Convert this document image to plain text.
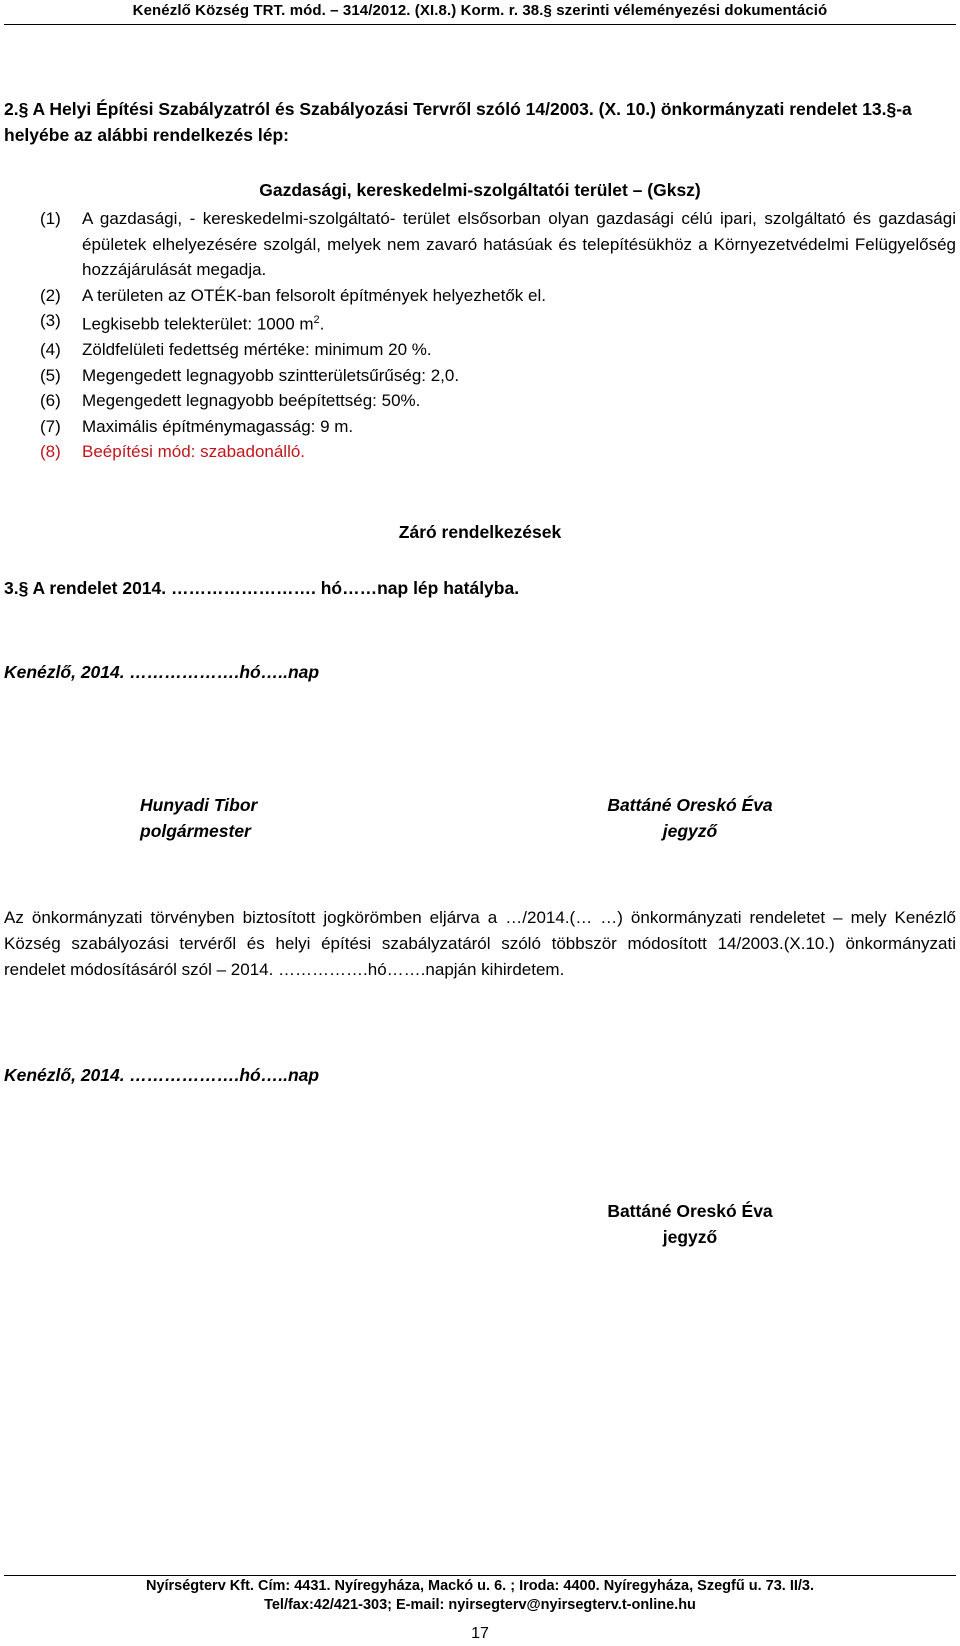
Kenézlő Község TRT. mód. – 314/2012. (XI.8.) Korm. r. 38.§ szerinti véleményezési dokumentáció
2.§ A Helyi Építési Szabályzatról és Szabályozási Tervről szóló 14/2003. (X. 10.) önkormányzati rendelet 13.§-a helyébe az alábbi rendelkezés lép:
Gazdasági, kereskedelmi-szolgáltatói terület – (Gksz)
(1)	A gazdasági, - kereskedelmi-szolgáltató- terület elsősorban olyan gazdasági célú ipari, szolgáltató és gazdasági épületek elhelyezésére szolgál, melyek nem zavaró hatásúak és telepítésükhöz a Környezetvédelmi Felügyelőség hozzájárulását megadja.
(2)	A területen az OTÉK-ban felsorolt építmények helyezhetők el.
(3)	Legkisebb telekterület: 1000 $m^2$.
(4)	Zöldfelületi fedettség mértéke: minimum 20 %.
(5)	Megengedett legnagyobb szintterületsűrűség: 2,0.
(6)	Megengedett legnagyobb beépítettség: 50%.
(7)	Maximális építménymagasság: 9 m.
(8)	Beépítési mód: szabadonálló.
Záró rendelkezések
3.§ A rendelet 2014. ……………………. hó……nap lép hatályba.
Kenézlő, 2014. ……………….hó…..nap
Hunyadi Tibor
polgármester
Battáné Oreskó Éva
jegyző
Az önkormányzati törvényben biztosított jogkörömben eljárva a …/2014.(… …) önkormányzati rendeletet – mely Kenézlő Község szabályozási tervéről és helyi építési szabályzatáról szóló többször módosított 14/2003.(X.10.) önkormányzati rendelet módosításáról szól – 2014. …………….hó…….napján kihirdetem.
Kenézlő, 2014. ……………….hó…..nap
Battáné Oreskó Éva
jegyző
Nyírségterv Kft. Cím: 4431. Nyíregyháza, Mackó u. 6. ; Iroda: 4400. Nyíregyháza, Szegfű u. 73. II/3.
Tel/fax:42/421-303; E-mail: nyirsegterv@nyirsegterv.t-online.hu
17
